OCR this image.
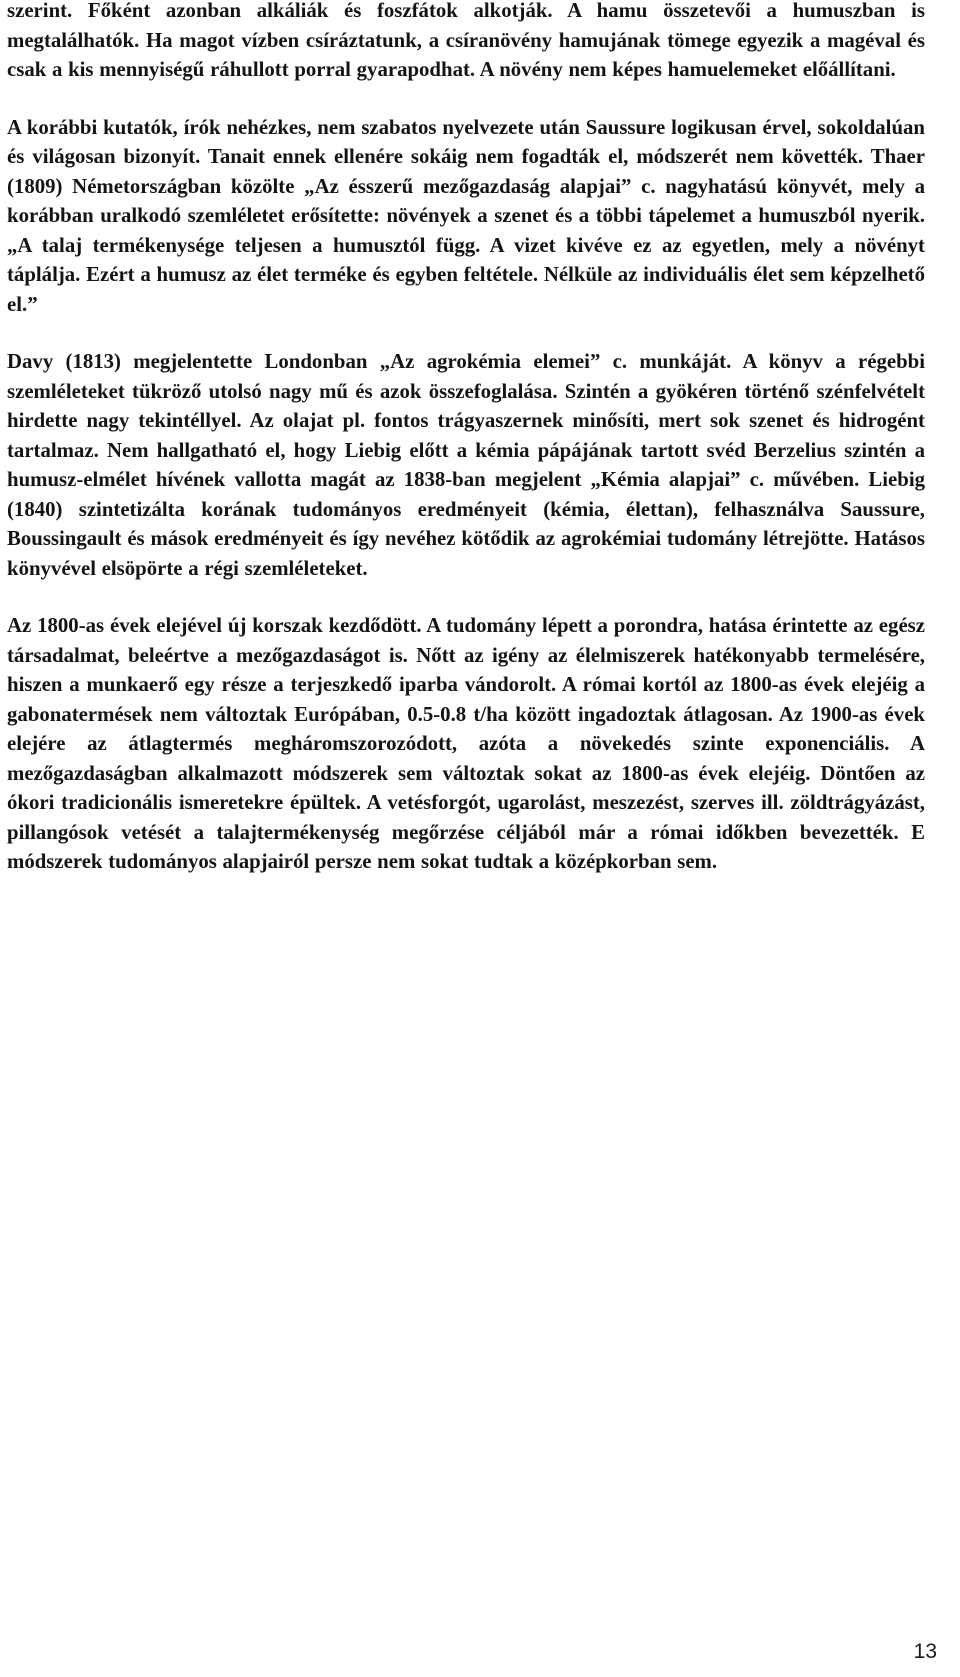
szerint. Főként azonban alkáliák és foszfátok alkotják. A hamu összetevői a humuszban is megtalálhatók. Ha magot vízben csíráztatunk, a csíranövény hamujának tömege egyezik a magéval és csak a kis mennyiségű ráhullott porral gyarapodhat. A növény nem képes hamuelemeket előállítani.

A korábbi kutatók, írók nehézkes, nem szabatos nyelvezete után Saussure logikusan érvel, sokoldalúan és világosan bizonyít. Tanait ennek ellenére sokáig nem fogadták el, módszerét nem követték. Thaer (1809) Németországban közölte „Az ésszerű mezőgazdaság alapjai” c. nagyhatású könyvét, mely a korábban uralkodó szemléletet erősítette: növények a szenet és a többi tápelemet a humuszból nyerik. „A talaj termékenysége teljesen a humusztól függ. A vizet kivéve ez az egyetlen, mely a növényt táplálja. Ezért a humusz az élet terméke és egyben feltétele. Nélküle az individuális élet sem képzelhető el.”

Davy (1813) megjelentette Londonban „Az agrokémia elemei” c. munkáját. A könyv a régebbi szemléleteket tükröző utolsó nagy mű és azok összefoglalása. Szintén a gyökéren történő szénfelvételt hirdette nagy tekintéllyel. Az olajat pl. fontos trágyaszernek minősíti, mert sok szenet és hidrogént tartalmaz. Nem hallgatható el, hogy Liebig előtt a kémia pápájának tartott svéd Berzelius szintén a humusz-elmélet hívének vallotta magát az 1838-ban megjelent „Kémia alapjai” c. művében. Liebig (1840) szintetizálta korának tudományos eredményeit (kémia, élettan), felhasználva Saussure, Boussingault és mások eredményeit és így nevéhez kötődik az agrokémiai tudomány létrejötte. Hatásos könyvével elsöpörte a régi szemléleteket.

Az 1800-as évek elejével új korszak kezdődött. A tudomány lépett a porondra, hatása érintette az egész társadalmat, beleértve a mezőgazdaságot is. Nőtt az igény az élelmiszerek hatékonyabb termelésére, hiszen a munkaerő egy része a terjeszkedő iparba vándorolt. A római kortól az 1800-as évek elejéig a gabonatermések nem változtak Európában, 0.5-0.8 t/ha között ingadoztak átlagosan. Az 1900-as évek elejére az átlagtermés megháromszorozódott, azóta a növekedés szinte exponenciális. A mezőgazdaságban alkalmazott módszerek sem változtak sokat az 1800-as évek elejéig. Döntően az ókori tradicionális ismeretekre épültek. A vetésforgót, ugarolást, meszezést, szerves ill. zöldtrágyázást, pillangósok vetését a talajtermékenység megőrzése céljából már a római időkben bevezették. E módszerek tudományos alapjairól persze nem sokat tudtak a középkorban sem.

13
